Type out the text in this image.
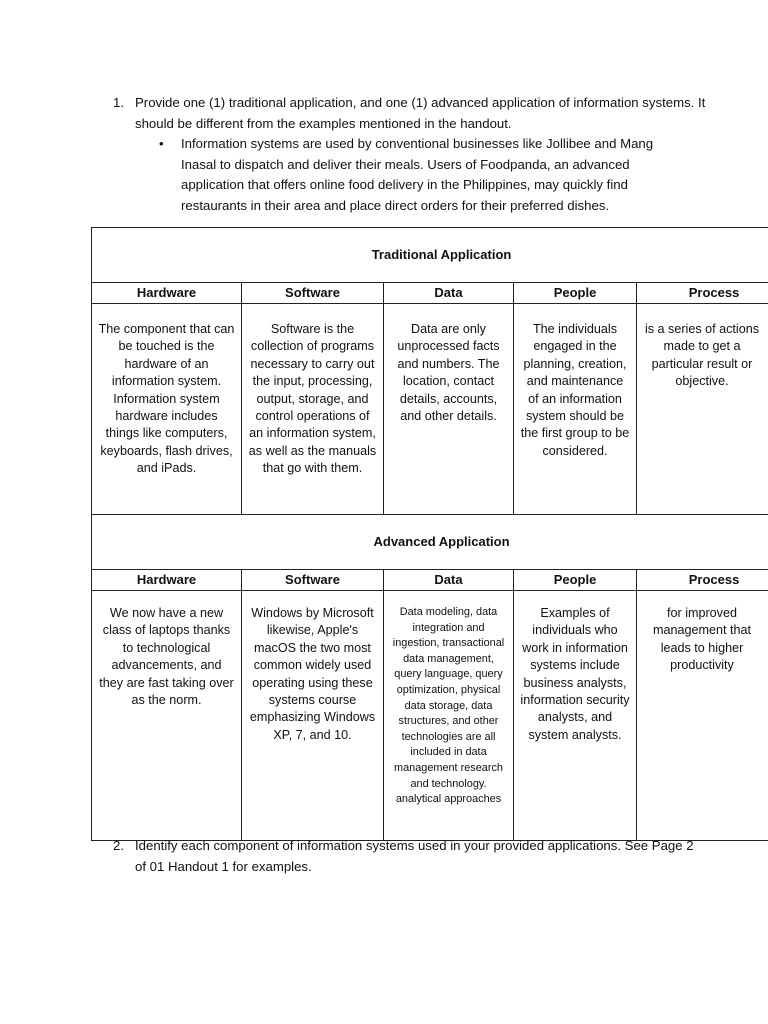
1. Provide one (1) traditional application, and one (1) advanced application of information systems. It should be different from the examples mentioned in the handout.
• Information systems are used by conventional businesses like Jollibee and Mang Inasal to dispatch and deliver their meals. Users of Foodpanda, an advanced application that offers online food delivery in the Philippines, may quickly find restaurants in their area and place direct orders for their preferred dishes.
Traditional Application				
Hardware	Software	Data	People	Process
The component that can be touched is the hardware of an information system. Information system hardware includes things like computers, keyboards, flash drives, and iPads.	Software is the collection of programs necessary to carry out the input, processing, output, storage, and control operations of an information system, as well as the manuals that go with them.	Data are only unprocessed facts and numbers. The location, contact details, accounts, and other details.	The individuals engaged in the planning, creation, and maintenance of an information system should be the first group to be considered.	is a series of actions made to get a particular result or objective.

Advanced Application				
Hardware	Software	Data	People	Process
We now have a new class of laptops thanks to technological advancements, and they are fast taking over as the norm.	Windows by Microsoft likewise, Apple's macOS the two most common widely used operating using these systems course emphasizing Windows XP, 7, and 10.	Data modeling, data integration and ingestion, transactional data management, query language, query optimization, physical data storage, data structures, and other technologies are all included in data management research and technology. analytical approaches	Examples of individuals who work in information systems include business analysts, information security analysts, and system analysts.	for improved management that leads to higher productivity
2. Identify each component of information systems used in your provided applications. See Page 2 of 01 Handout 1 for examples.
